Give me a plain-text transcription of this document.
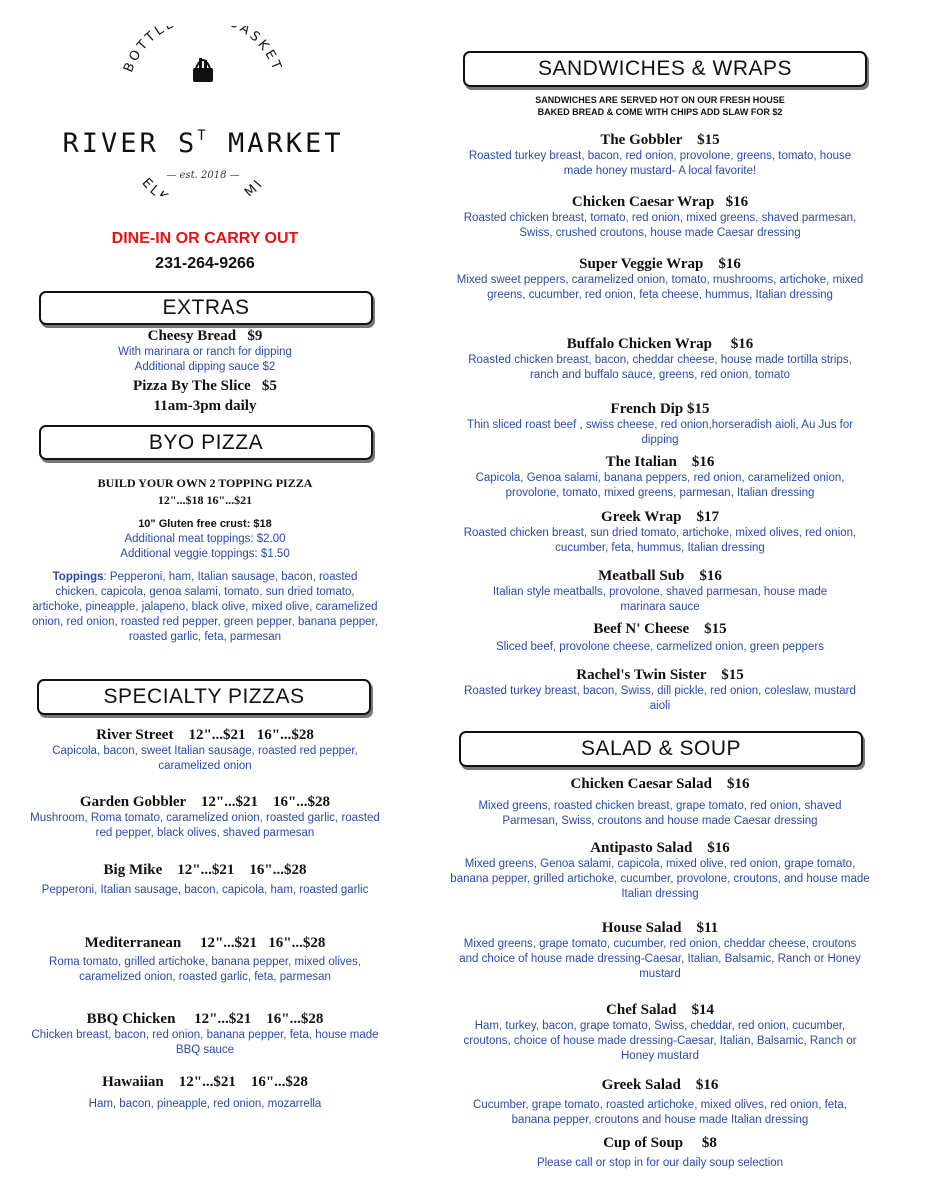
BOTTL ASKET
EL MI
RIVER $S^T$ MARKET
— est. 2018 —
DINE-IN OR CARRY OUT
231-264-9266
EXTRAS
Cheesy Bread   $9
With marinara or ranch for dipping
Additional dipping sauce $2
Pizza By The Slice   $5
11am-3pm daily
BYO PIZZA
BUILD YOUR OWN 2 TOPPING PIZZA
12"...$18 16"...$21
10" Gluten free crust: $18
Additional meat toppings: $2.00
Additional veggie toppings: $1.50
Toppings: Pepperoni, ham, Italian sausage, bacon, roasted chicken, capicola, genoa salami, tomato, sun dried tomato, artichoke, pineapple, jalapeno, black olive, mixed olive, caramelized onion, red onion, roasted red pepper, green pepper, banana pepper, roasted garlic, feta, parmesan
SPECIALTY PIZZAS
River Street    12"...$21   16"...$28
Capicola, bacon, sweet Italian sausage, roasted red pepper, caramelized onion
Garden Gobbler    12"...$21    16"...$28
Mushroom, Roma tomato, caramelized onion, roasted garlic, roasted red pepper, black olives, shaved parmesan
Big Mike    12"...$21    16"...$28
Pepperoni, Italian sausage, bacon, capicola, ham, roasted garlic
Mediterranean     12"...$21   16"...$28
Roma tomato, grilled artichoke, banana pepper, mixed olives, caramelized onion, roasted garlic, feta, parmesan
BBQ Chicken     12"...$21    16"...$28
Chicken breast, bacon, red onion, banana pepper, feta, house made BBQ sauce
Hawaiian    12"...$21    16"...$28
Ham, bacon, pineapple, red onion, mozarrella
SANDWICHES & WRAPS
SANDWICHES ARE SERVED HOT ON OUR FRESH HOUSE
BAKED BREAD & COME WITH CHIPS ADD SLAW FOR $2
The Gobbler    $15
Roasted turkey breast, bacon, red onion, provolone, greens, tomato, house made honey mustard- A local favorite!
Chicken Caesar Wrap   $16
Roasted chicken breast, tomato, red onion, mixed greens, shaved parmesan, Swiss, crushed croutons, house made Caesar dressing
Super Veggie Wrap    $16
Mixed sweet peppers, caramelized onion, tomato, mushrooms, artichoke, mixed greens, cucumber, red onion, feta cheese, hummus, Italian dressing
Buffalo Chicken Wrap     $16
Roasted chicken breast, bacon, cheddar cheese, house made tortilla strips, ranch and buffalo sauce, greens, red onion, tomato
French Dip $15
Thin sliced roast beef , swiss cheese, red onion,horseradish aioli, Au Jus for dipping
The Italian    $16
Capicola, Genoa salami, banana peppers, red onion, caramelized onion, provolone, tomato, mixed greens, parmesan, Italian dressing
Greek Wrap    $17
Roasted chicken breast, sun dried tomato, artichoke, mixed olives, red onion, cucumber, feta, hummus, Italian dressing
Meatball Sub    $16
Italian style meatballs, provolone, shaved parmesan, house made marinara sauce
Beef N' Cheese    $15
Sliced beef, provolone cheese, carmelized onion, green peppers
Rachel's Twin Sister    $15
Roasted turkey breast, bacon, Swiss, dill pickle, red onion, coleslaw, mustard aioli
SALAD & SOUP
Chicken Caesar Salad    $16
Mixed greens, roasted chicken breast, grape tomato, red onion, shaved Parmesan, Swiss, croutons and house made Caesar dressing
Antipasto Salad    $16
Mixed greens, Genoa salami, capicola, mixed olive, red onion, grape tomato, banana pepper, grilled artichoke, cucumber, provolone, croutons, and house made Italian dressing
House Salad    $11
Mixed greens, grape tomato, cucumber, red onion, cheddar cheese, croutons and choice of house made dressing-Caesar, Italian, Balsamic, Ranch or Honey mustard
Chef Salad    $14
Ham, turkey, bacon, grape tomato, Swiss, cheddar, red onion, cucumber, croutons, choice of house made dressing-Caesar, Italian, Balsamic, Ranch or Honey mustard
Greek Salad    $16
Cucumber, grape tomato, roasted artichoke, mixed olives, red onion, feta, banana pepper, croutons and house made Italian dressing
Cup of Soup     $8
Please call or stop in for our daily soup selection
